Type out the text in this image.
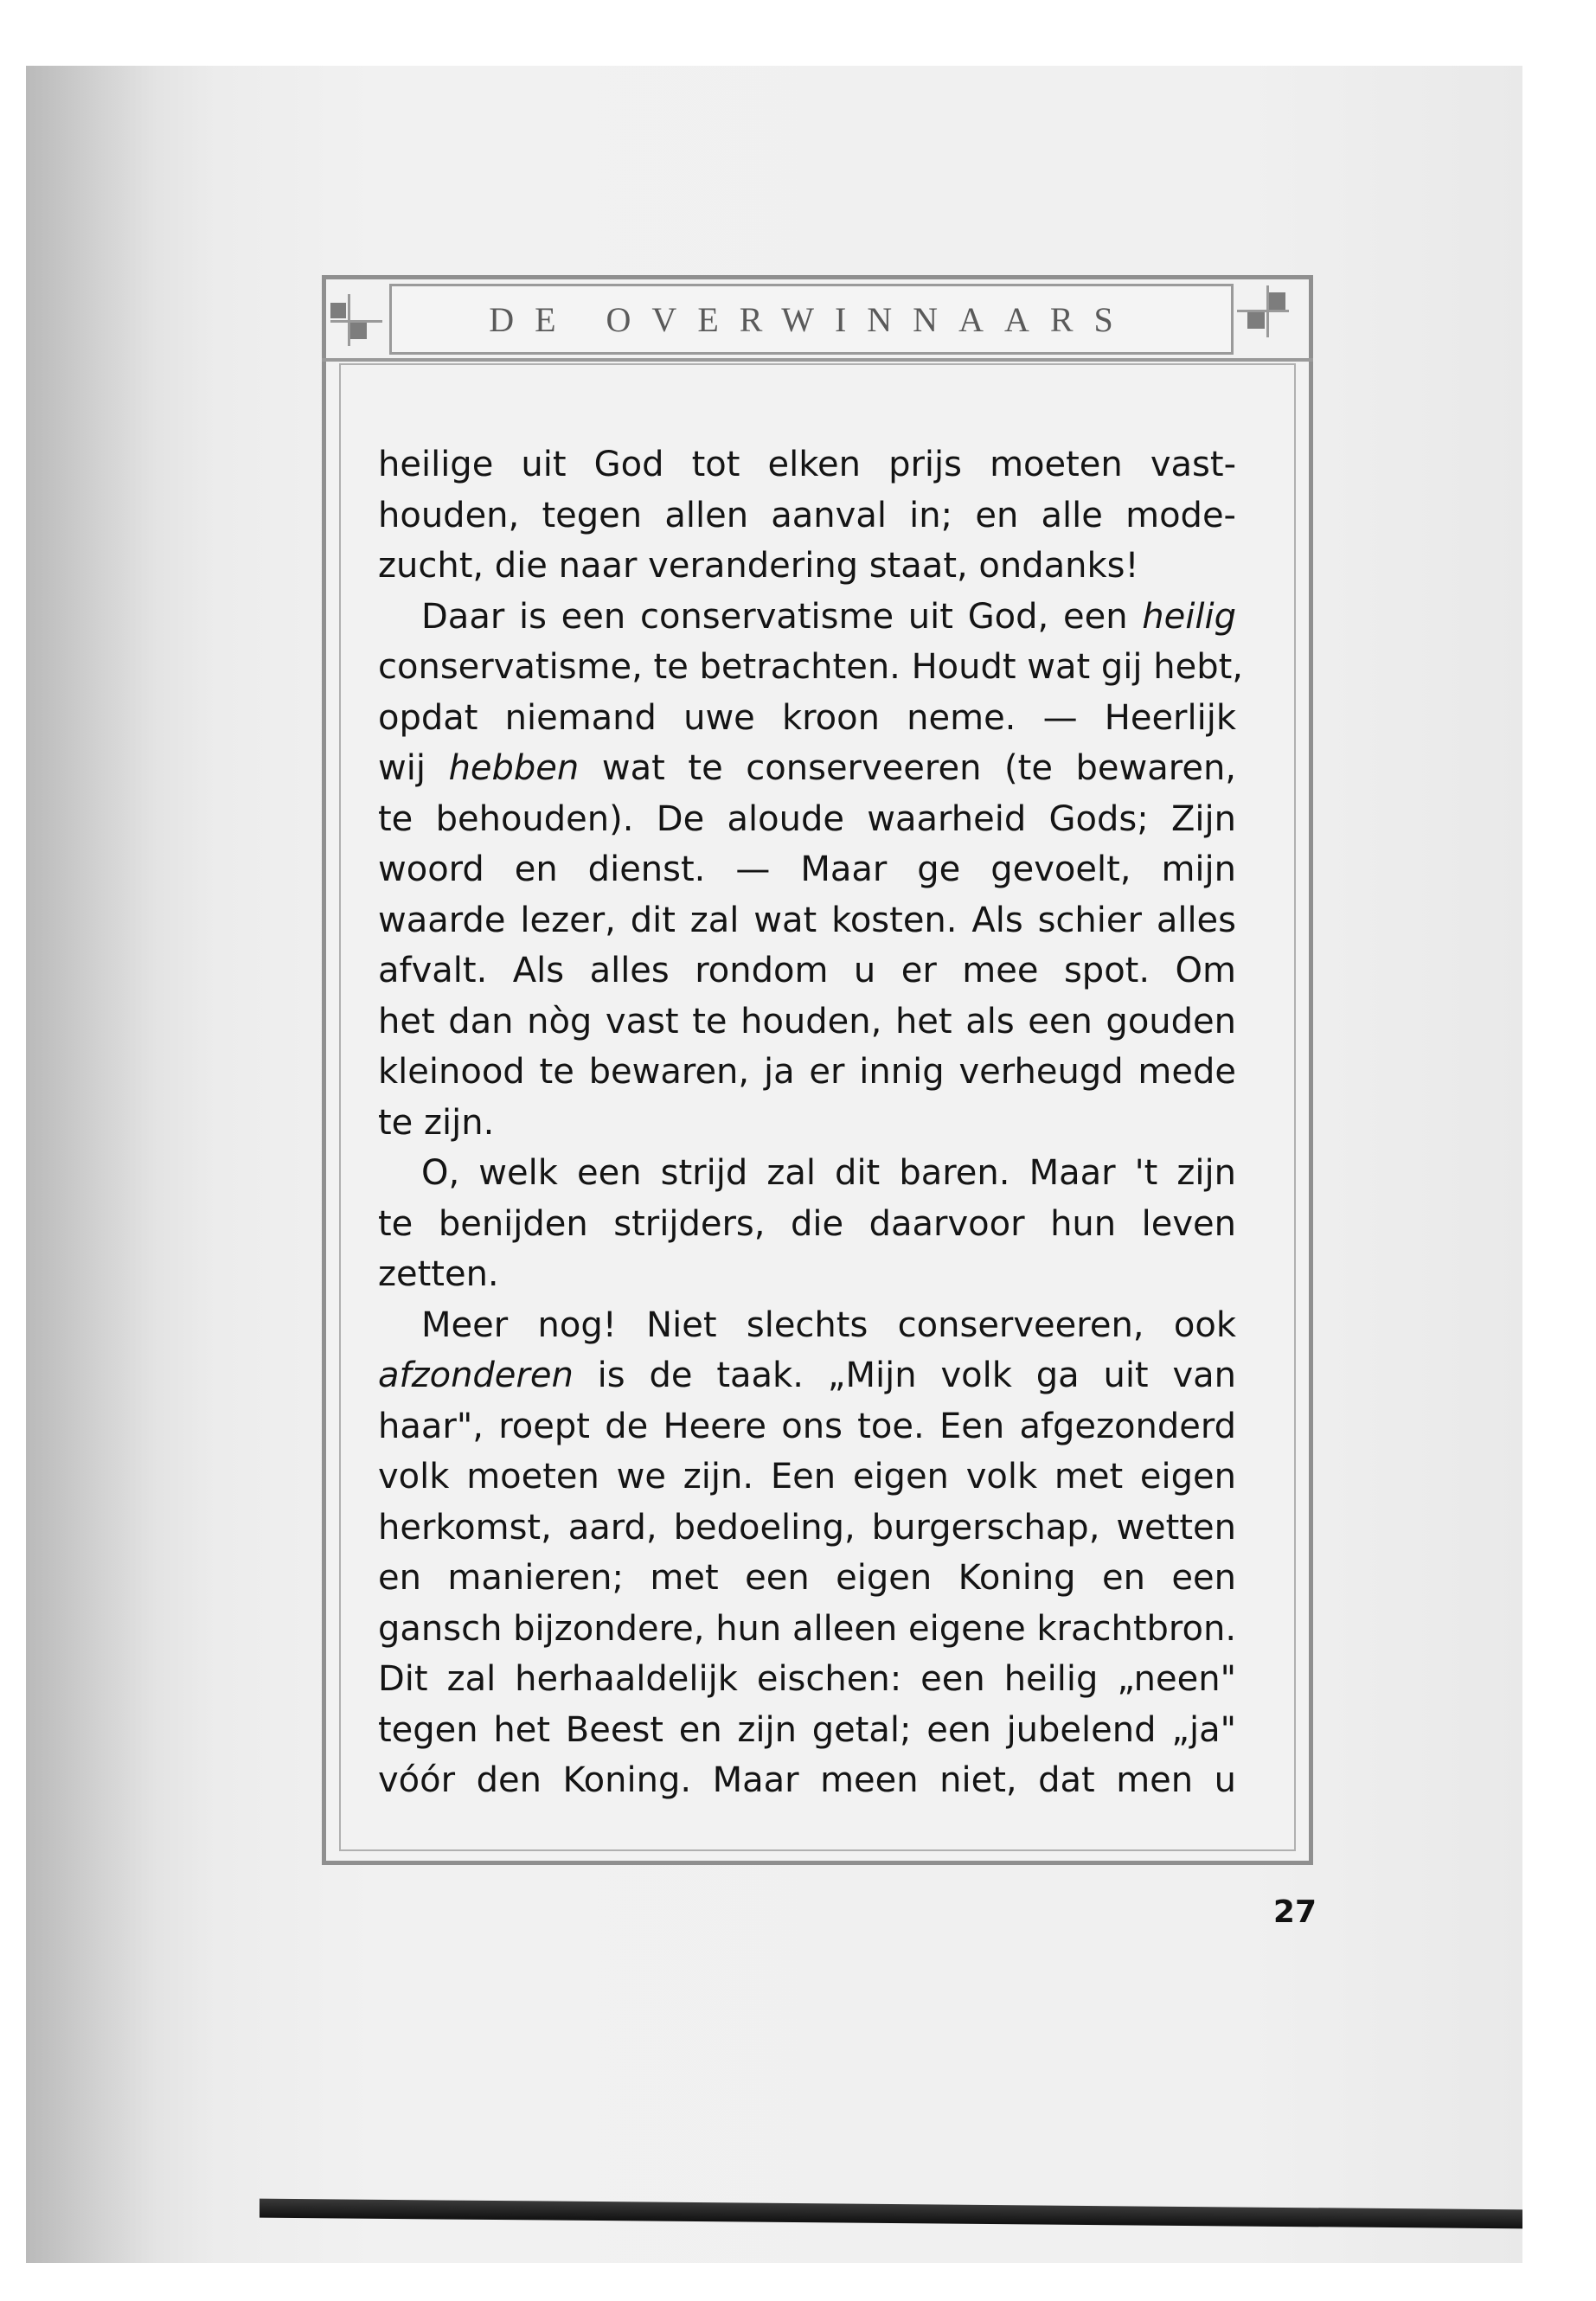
DE OVERWINNAARS
heilige uit God tot elken prijs moeten vast-
houden, tegen allen aanval in; en alle mode-
zucht, die naar verandering staat, ondanks!
Daar is een conservatisme uit God, een heilig
conservatisme, te betrachten. Houdt wat gij hebt,
opdat niemand uwe kroon neme. — Heerlijk
wij hebben wat te conserveeren (te bewaren,
te behouden). De aloude waarheid Gods; Zijn
woord en dienst. — Maar ge gevoelt, mijn
waarde lezer, dit zal wat kosten. Als schier alles
afvalt. Als alles rondom u er mee spot. Om
het dan nòg vast te houden, het als een gouden
kleinood te bewaren, ja er innig verheugd mede
te zijn.
O, welk een strijd zal dit baren. Maar 't zijn
te benijden strijders, die daarvoor hun leven
zetten.
Meer nog! Niet slechts conserveeren, ook
afzonderen is de taak. „Mijn volk ga uit van
haar", roept de Heere ons toe. Een afgezonderd
volk moeten we zijn. Een eigen volk met eigen
herkomst, aard, bedoeling, burgerschap, wetten
en manieren; met een eigen Koning en een
gansch bijzondere, hun alleen eigene krachtbron.
Dit zal herhaaldelijk eischen: een heilig „neen"
tegen het Beest en zijn getal; een jubelend „ja"
vóór den Koning. Maar meen niet, dat men u
27
